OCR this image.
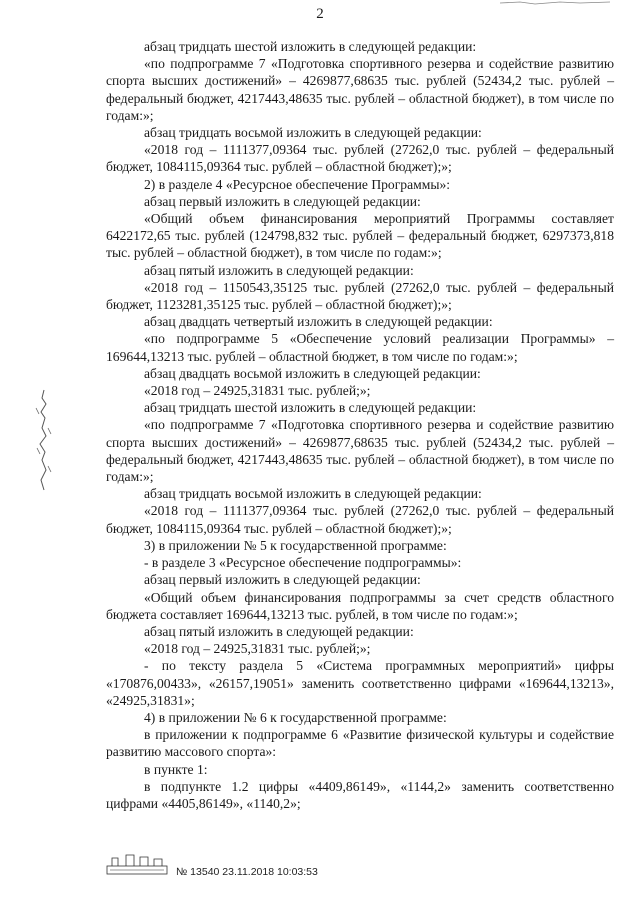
2

абзац тридцать шестой изложить в следующей редакции:

«по подпрограмме 7 «Подготовка спортивного резерва и содействие развитию спорта высших достижений» – 4269877,68635 тыс. рублей (52434,2 тыс. рублей – федеральный бюджет, 4217443,48635 тыс. рублей – областной бюджет), в том числе по годам:»;

абзац тридцать восьмой изложить в следующей редакции:

«2018 год – 1111377,09364 тыс. рублей (27262,0 тыс. рублей – федеральный бюджет, 1084115,09364 тыс. рублей – областной бюджет);»;

2) в разделе 4 «Ресурсное обеспечение Программы»:

абзац первый изложить в следующей редакции:

«Общий объем финансирования мероприятий Программы составляет 6422172,65 тыс. рублей (124798,832 тыс. рублей – федеральный бюджет, 6297373,818 тыс. рублей – областной бюджет), в том числе по годам:»;

абзац пятый изложить в следующей редакции:

«2018 год – 1150543,35125 тыс. рублей (27262,0 тыс. рублей – федеральный бюджет, 1123281,35125 тыс. рублей – областной бюджет);»;

абзац двадцать четвертый изложить в следующей редакции:

«по подпрограмме 5 «Обеспечение условий реализации Программы» – 169644,13213 тыс. рублей – областной бюджет, в том числе по годам:»;

абзац двадцать восьмой изложить в следующей редакции:

«2018 год – 24925,31831 тыс. рублей;»;

абзац тридцать шестой изложить в следующей редакции:

«по подпрограмме 7 «Подготовка спортивного резерва и содействие развитию спорта высших достижений» – 4269877,68635 тыс. рублей (52434,2 тыс. рублей – федеральный бюджет, 4217443,48635 тыс. рублей – областной бюджет), в том числе по годам:»;

абзац тридцать восьмой изложить в следующей редакции:

«2018 год – 1111377,09364 тыс. рублей (27262,0 тыс. рублей – федеральный бюджет, 1084115,09364 тыс. рублей – областной бюджет);»;

3) в приложении № 5 к государственной программе:

- в разделе 3 «Ресурсное обеспечение подпрограммы»:

абзац первый изложить в следующей редакции:

«Общий объем финансирования подпрограммы за счет средств областного бюджета составляет 169644,13213 тыс. рублей, в том числе по годам:»;

абзац пятый изложить в следующей редакции:

«2018 год – 24925,31831 тыс. рублей;»;

- по тексту раздела 5 «Система программных мероприятий» цифры «170876,00433», «26157,19051» заменить соответственно цифрами «169644,13213», «24925,31831»;

4) в приложении № 6 к государственной программе:

в приложении к подпрограмме 6 «Развитие физической культуры и содействие развитию массового спорта»:

в пункте 1:

в подпункте 1.2 цифры «4409,86149», «1144,2» заменить соответственно цифрами «4405,86149», «1140,2»;

№ 13540 23.11.2018 10:03:53
